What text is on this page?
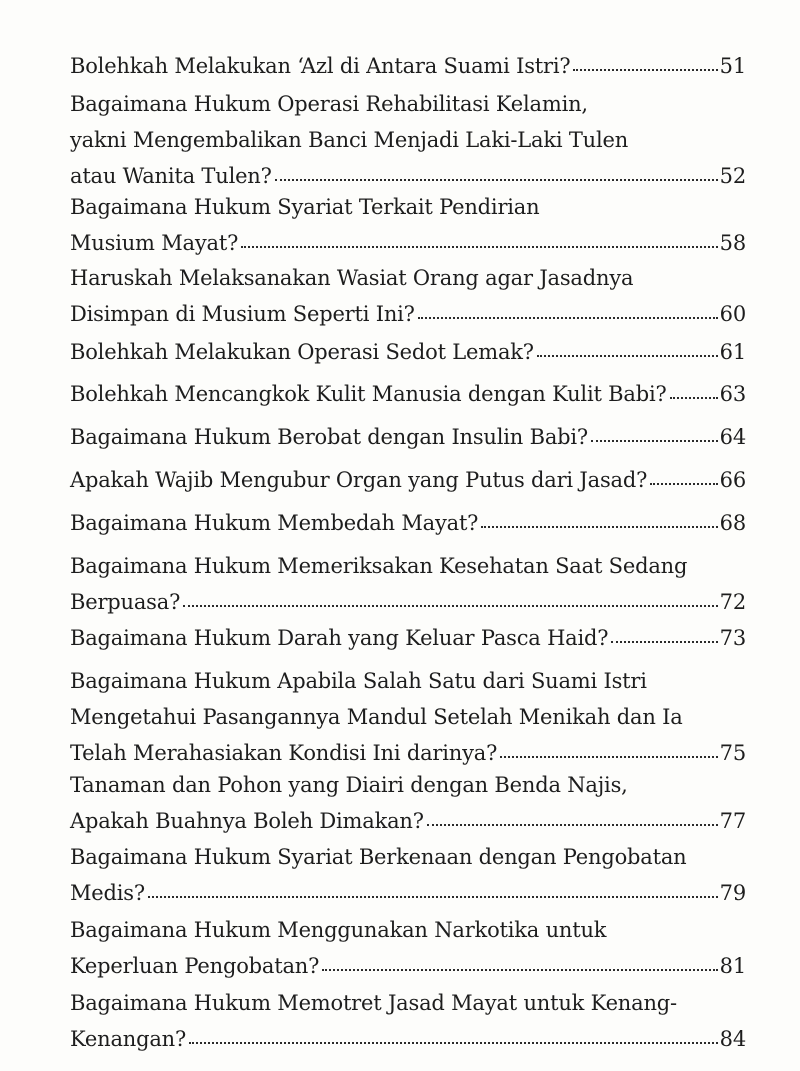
Bolehkah Melakukan ‘Azl di Antara Suami Istri?	51
Bagaimana Hukum Operasi Rehabilitasi Kelamin,
yakni Mengembalikan Banci Menjadi Laki-Laki Tulen
atau Wanita Tulen?	52
Bagaimana Hukum Syariat Terkait Pendirian
Musium Mayat?	58
Haruskah Melaksanakan Wasiat Orang agar Jasadnya
Disimpan di Musium Seperti Ini?	60
Bolehkah Melakukan Operasi Sedot Lemak?	61
Bolehkah Mencangkok Kulit Manusia dengan Kulit Babi?	63
Bagaimana Hukum Berobat dengan Insulin Babi?	64
Apakah Wajib Mengubur Organ yang Putus dari Jasad?	66
Bagaimana Hukum Membedah Mayat?	68
Bagaimana Hukum Memeriksakan Kesehatan Saat Sedang
Berpuasa?	72
Bagaimana Hukum Darah yang Keluar Pasca Haid?	73
Bagaimana Hukum Apabila Salah Satu dari Suami Istri
Mengetahui Pasangannya Mandul Setelah Menikah dan Ia
Telah Merahasiakan Kondisi Ini darinya?	75
Tanaman dan Pohon yang Diairi dengan Benda Najis,
Apakah Buahnya Boleh Dimakan?	77
Bagaimana Hukum Syariat Berkenaan dengan Pengobatan
Medis?	79
Bagaimana Hukum Menggunakan Narkotika untuk
Keperluan Pengobatan?	81
Bagaimana Hukum Memotret Jasad Mayat untuk Kenang-
Kenangan?	84
